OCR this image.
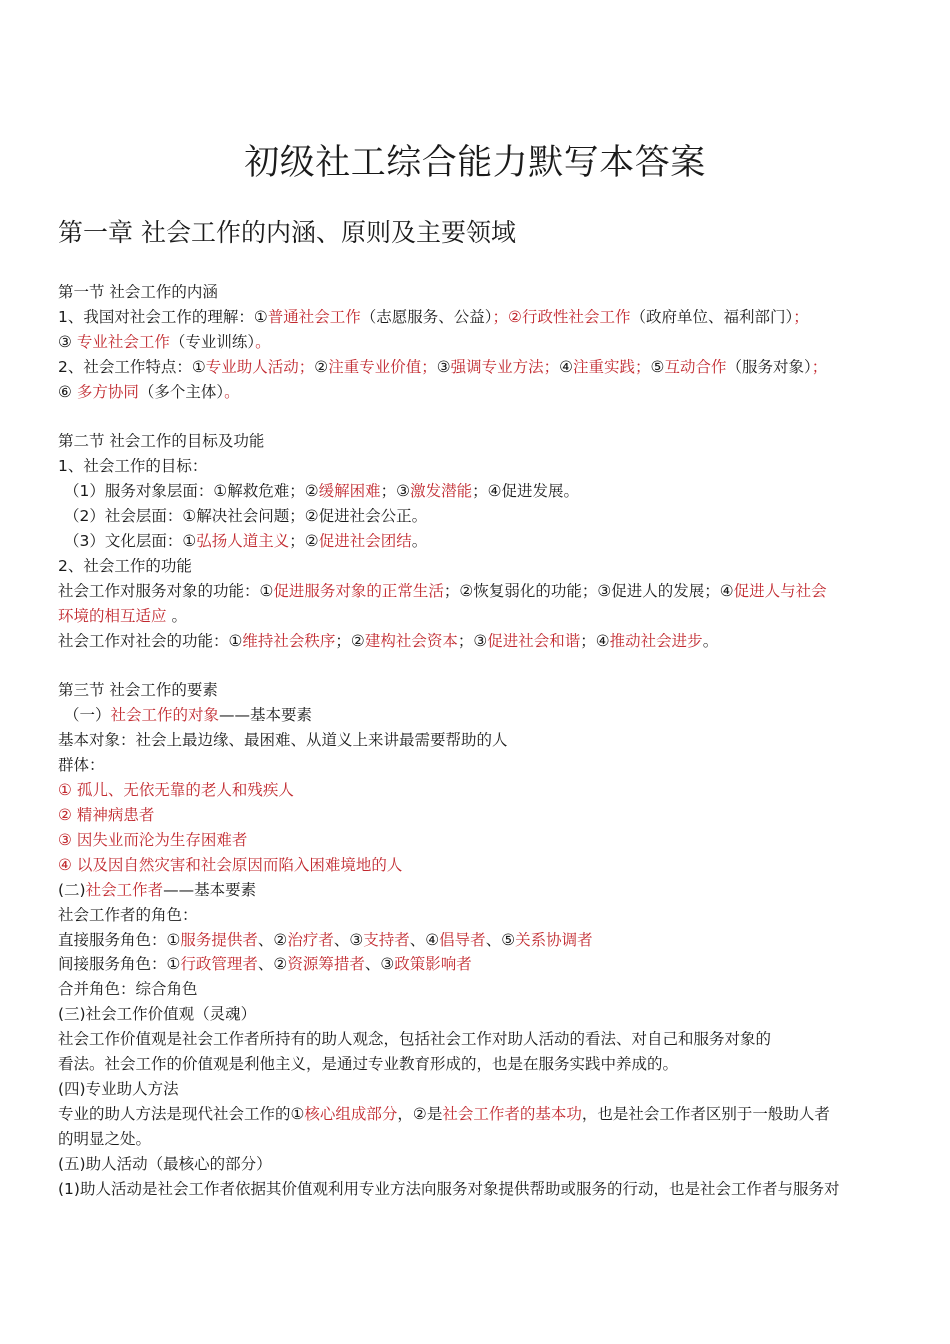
初级社工综合能力默写本答案
第一章 社会工作的内涵、原则及主要领域

第一节 社会工作的内涵

1、我国对社会工作的理解：①普通社会工作（志愿服务、公益）；②行政性社会工作（政府单位、福利部门）；

③ 专业社会工作（专业训练）。

2、社会工作特点：①专业助人活动；②注重专业价值；③强调专业方法；④注重实践；⑤互动合作（服务对象）；

⑥ 多方协同（多个主体）。

第二节 社会工作的目标及功能

1、社会工作的目标：

（1）服务对象层面：①解救危难；②缓解困难；③激发潜能；④促进发展。

（2）社会层面：①解决社会问题；②促进社会公正。

（3）文化层面：①弘扬人道主义；②促进社会团结。

2、社会工作的功能

社会工作对服务对象的功能：①促进服务对象的正常生活；②恢复弱化的功能；③促进人的发展；④促进人与社会

环境的相互适应 。

社会工作对社会的功能：①维持社会秩序；②建构社会资本；③促进社会和谐；④推动社会进步。

第三节 社会工作的要素

（一）社会工作的对象——基本要素

基本对象：社会上最边缘、最困难、从道义上来讲最需要帮助的人

群体：

① 孤儿、无依无靠的老人和残疾人

② 精神病患者

③ 因失业而沦为生存困难者

④ 以及因自然灾害和社会原因而陷入困难境地的人

(二)社会工作者——基本要素

社会工作者的角色：

直接服务角色：①服务提供者、②治疗者、③支持者、④倡导者、⑤关系协调者

间接服务角色：①行政管理者、②资源筹措者、③政策影响者

合并角色：综合角色

(三)社会工作价值观（灵魂）

社会工作价值观是社会工作者所持有的助人观念，包括社会工作对助人活动的看法、对自己和服务对象的

看法。社会工作的价值观是利他主义，是通过专业教育形成的，也是在服务实践中养成的。

(四)专业助人方法

专业的助人方法是现代社会工作的①核心组成部分，②是社会工作者的基本功，也是社会工作者区别于一般助人者

的明显之处。

(五)助人活动（最核心的部分）

(1)助人活动是社会工作者依据其价值观利用专业方法向服务对象提供帮助或服务的行动，也是社会工作者与服务对
